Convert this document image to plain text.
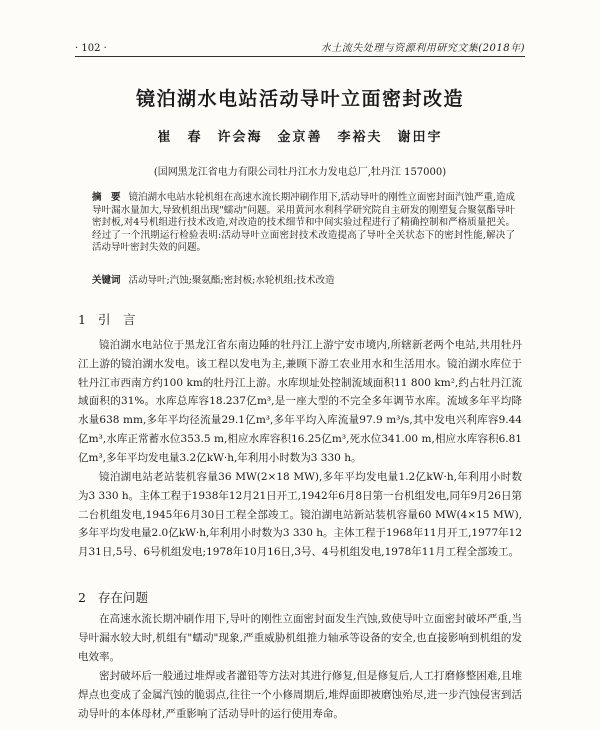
· 102 ·	水土流失处理与资源利用研究文集(2018年)
镜泊湖水电站活动导叶立面密封改造
崔　春　许会海　金京善　李裕夫　谢田宇
(国网黑龙江省电力有限公司牡丹江水力发电总厂,牡丹江 157000)
摘　要 镜泊湖水电站水轮机组在高速水流长期冲刷作用下,活动导叶的刚性立面密封面汽蚀严重,造成导叶漏水量加大,导致机组出现"蠕动"问题。采用黄河水利科学研究院自主研发的刚塑复合聚氨酯导叶密封板,对4号机组进行技术改造,对改造的技术细节和中间实验过程进行了精确控制和严格质量把关。经过了一个汛期运行检验表明:活动导叶立面密封技术改造提高了导叶全关状态下的密封性能,解决了活动导叶密封失效的问题。
关键词 活动导叶;汽蚀;聚氨酯;密封板;水轮机组;技术改造
1 引　言

镜泊湖水电站位于黑龙江省东南边陲的牡丹江上游宁安市境内,所辖新老两个电站,共用牡丹江上游的镜泊湖水发电。该工程以发电为主,兼顾下游工农业用水和生活用水。镜泊湖水库位于牡丹江市西南方约100 km的牡丹江上游。水库坝址处控制流域面积11 800 km²,约占牡丹江流域面积的31%。水库总库容18.237亿m³,是一座大型的不完全多年调节水库。流域多年平均降水量638 mm,多年平均径流量29.1亿m³,多年平均入库流量97.9 m³/s,其中发电兴利库容9.44亿m³,水库正常蓄水位353.5 m,相应水库容积16.25亿m³,死水位341.00 m,相应水库容积6.81亿m³,多年平均发电量3.2亿kW·h,年利用小时数为3 330 h。

镜泊湖电站老站装机容量36 MW(2×18 MW),多年平均发电量1.2亿kW·h,年利用小时数为3 330 h。主体工程于1938年12月21日开工,1942年6月8日第一台机组发电,同年9月26日第二台机组发电,1945年6月30日工程全部竣工。镜泊湖电站新站装机容量60 MW(4×15 MW),多年平均发电量2.0亿kW·h,年利用小时数为3 330 h。主体工程于1968年11月开工,1977年12月31日,5号、6号机组发电;1978年10月16日,3号、4号机组发电,1978年11月工程全部竣工。

2 存在问题

在高速水流长期冲刷作用下,导叶的刚性立面密封面发生汽蚀,致使导叶立面密封破坏严重,当导叶漏水较大时,机组有"蠕动"现象,严重威胁机组推力轴承等设备的安全,也直接影响到机组的发电效率。

密封破坏后一般通过堆焊或者灌铅等方法对其进行修复,但是修复后,人工打磨修整困难,且堆焊点也变成了金属汽蚀的脆弱点,往往一个小修周期后,堆焊面即被磨蚀殆尽,进一步汽蚀侵害到活动导叶的本体母材,严重影响了活动导叶的运行使用寿命。
